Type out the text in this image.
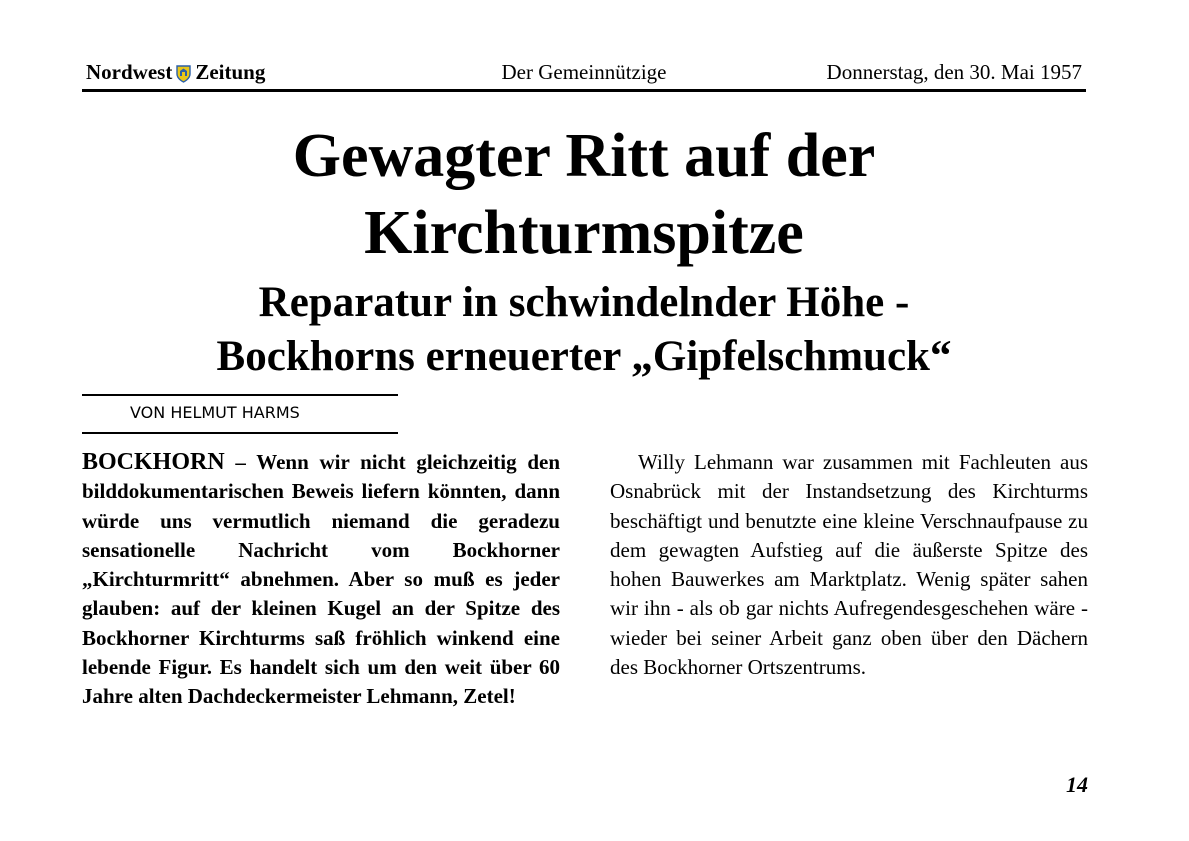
Nordwest Zeitung	Der Gemeinnützige	Donnerstag, den 30. Mai 1957
Gewagter Ritt auf der
Kirchturmspitze
Reparatur in schwindelnder Höhe -
Bockhorns erneuerter „Gipfelschmuck“
VON HELMUT HARMS

BOCKHORN – Wenn wir nicht gleichzeitig den bilddokumentarischen Beweis liefern könnten, dann würde uns vermutlich niemand die geradezu sensationelle Nachricht vom Bockhorner „Kirchturmritt“ abnehmen. Aber so muß es jeder glauben: auf der kleinen Kugel an der Spitze des Bockhorner Kirchturms saß fröhlich winkend eine lebende Figur. Es handelt sich um den weit über 60 Jahre alten Dachdeckermeister Lehmann, Zetel!

Willy Lehmann war zusammen mit Fachleuten aus Osnabrück mit der Instandsetzung des Kirchturms beschäftigt und benutzte eine kleine Verschnaufpause zu dem gewagten Aufstieg auf die äußerste Spitze des hohen Bauwerkes am Marktplatz. Wenig später sahen wir ihn - als ob gar nichts Aufregendesgeschehen wäre - wieder bei seiner Arbeit ganz oben über den Dächern des Bockhorner Ortszentrums.

14
